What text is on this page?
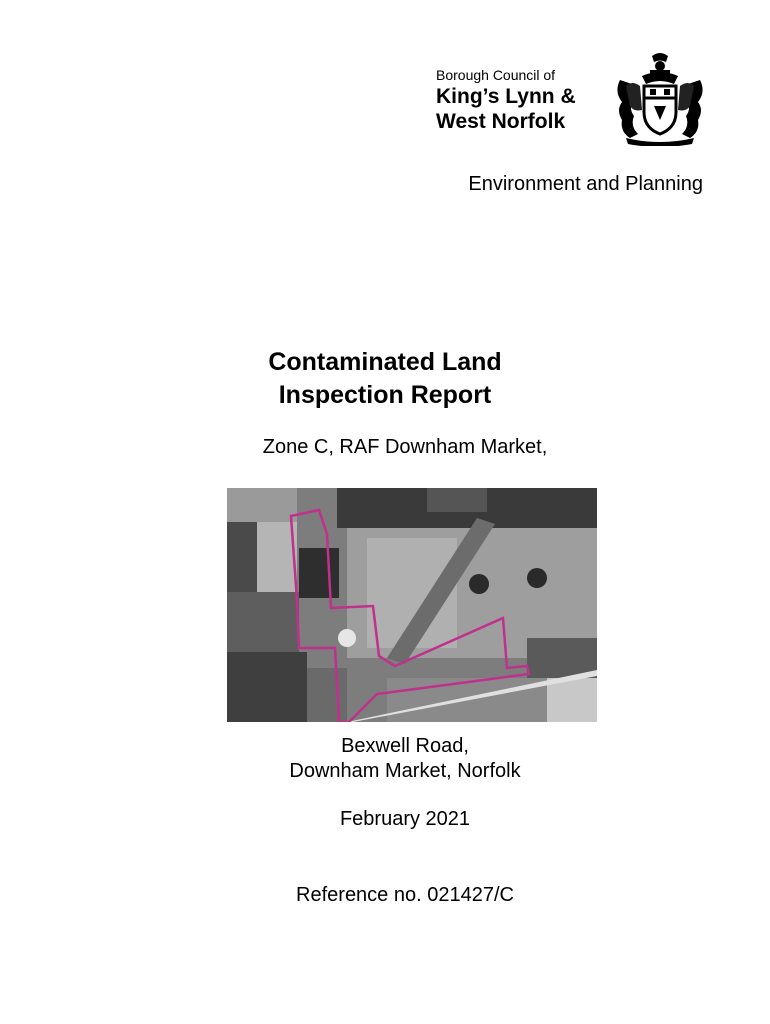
Borough Council of
King’s Lynn &
West Norfolk
Environment and Planning
Contaminated Land
Inspection Report
Zone C, RAF Downham Market,
Bexwell Road,
Downham Market, Norfolk
February 2021
Reference no. 021427/C
